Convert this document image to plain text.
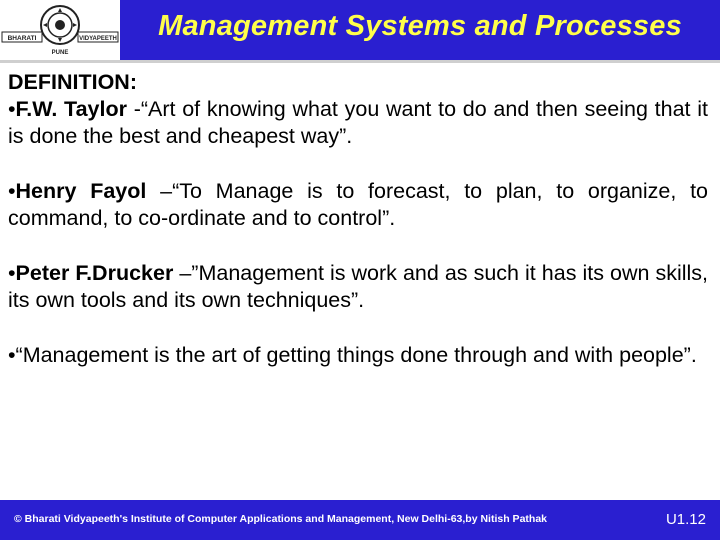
BHARATI	VIDYAPEETH
PUNE
Management Systems and Processes

DEFINITION:

•F.W. Taylor -“Art of knowing what you want to do and then seeing that it is done the best and cheapest way”.

•Henry Fayol –“To Manage is to forecast, to plan, to organize, to command, to co-ordinate and to control”.

•Peter F.Drucker –”Management is work and as such it has its own skills, its own tools and its own techniques”.

•“Management is the art of getting things done through and with people”.

© Bharati Vidyapeeth's Institute of Computer Applications and Management, New Delhi-63,by Nitish Pathak	U1.12
